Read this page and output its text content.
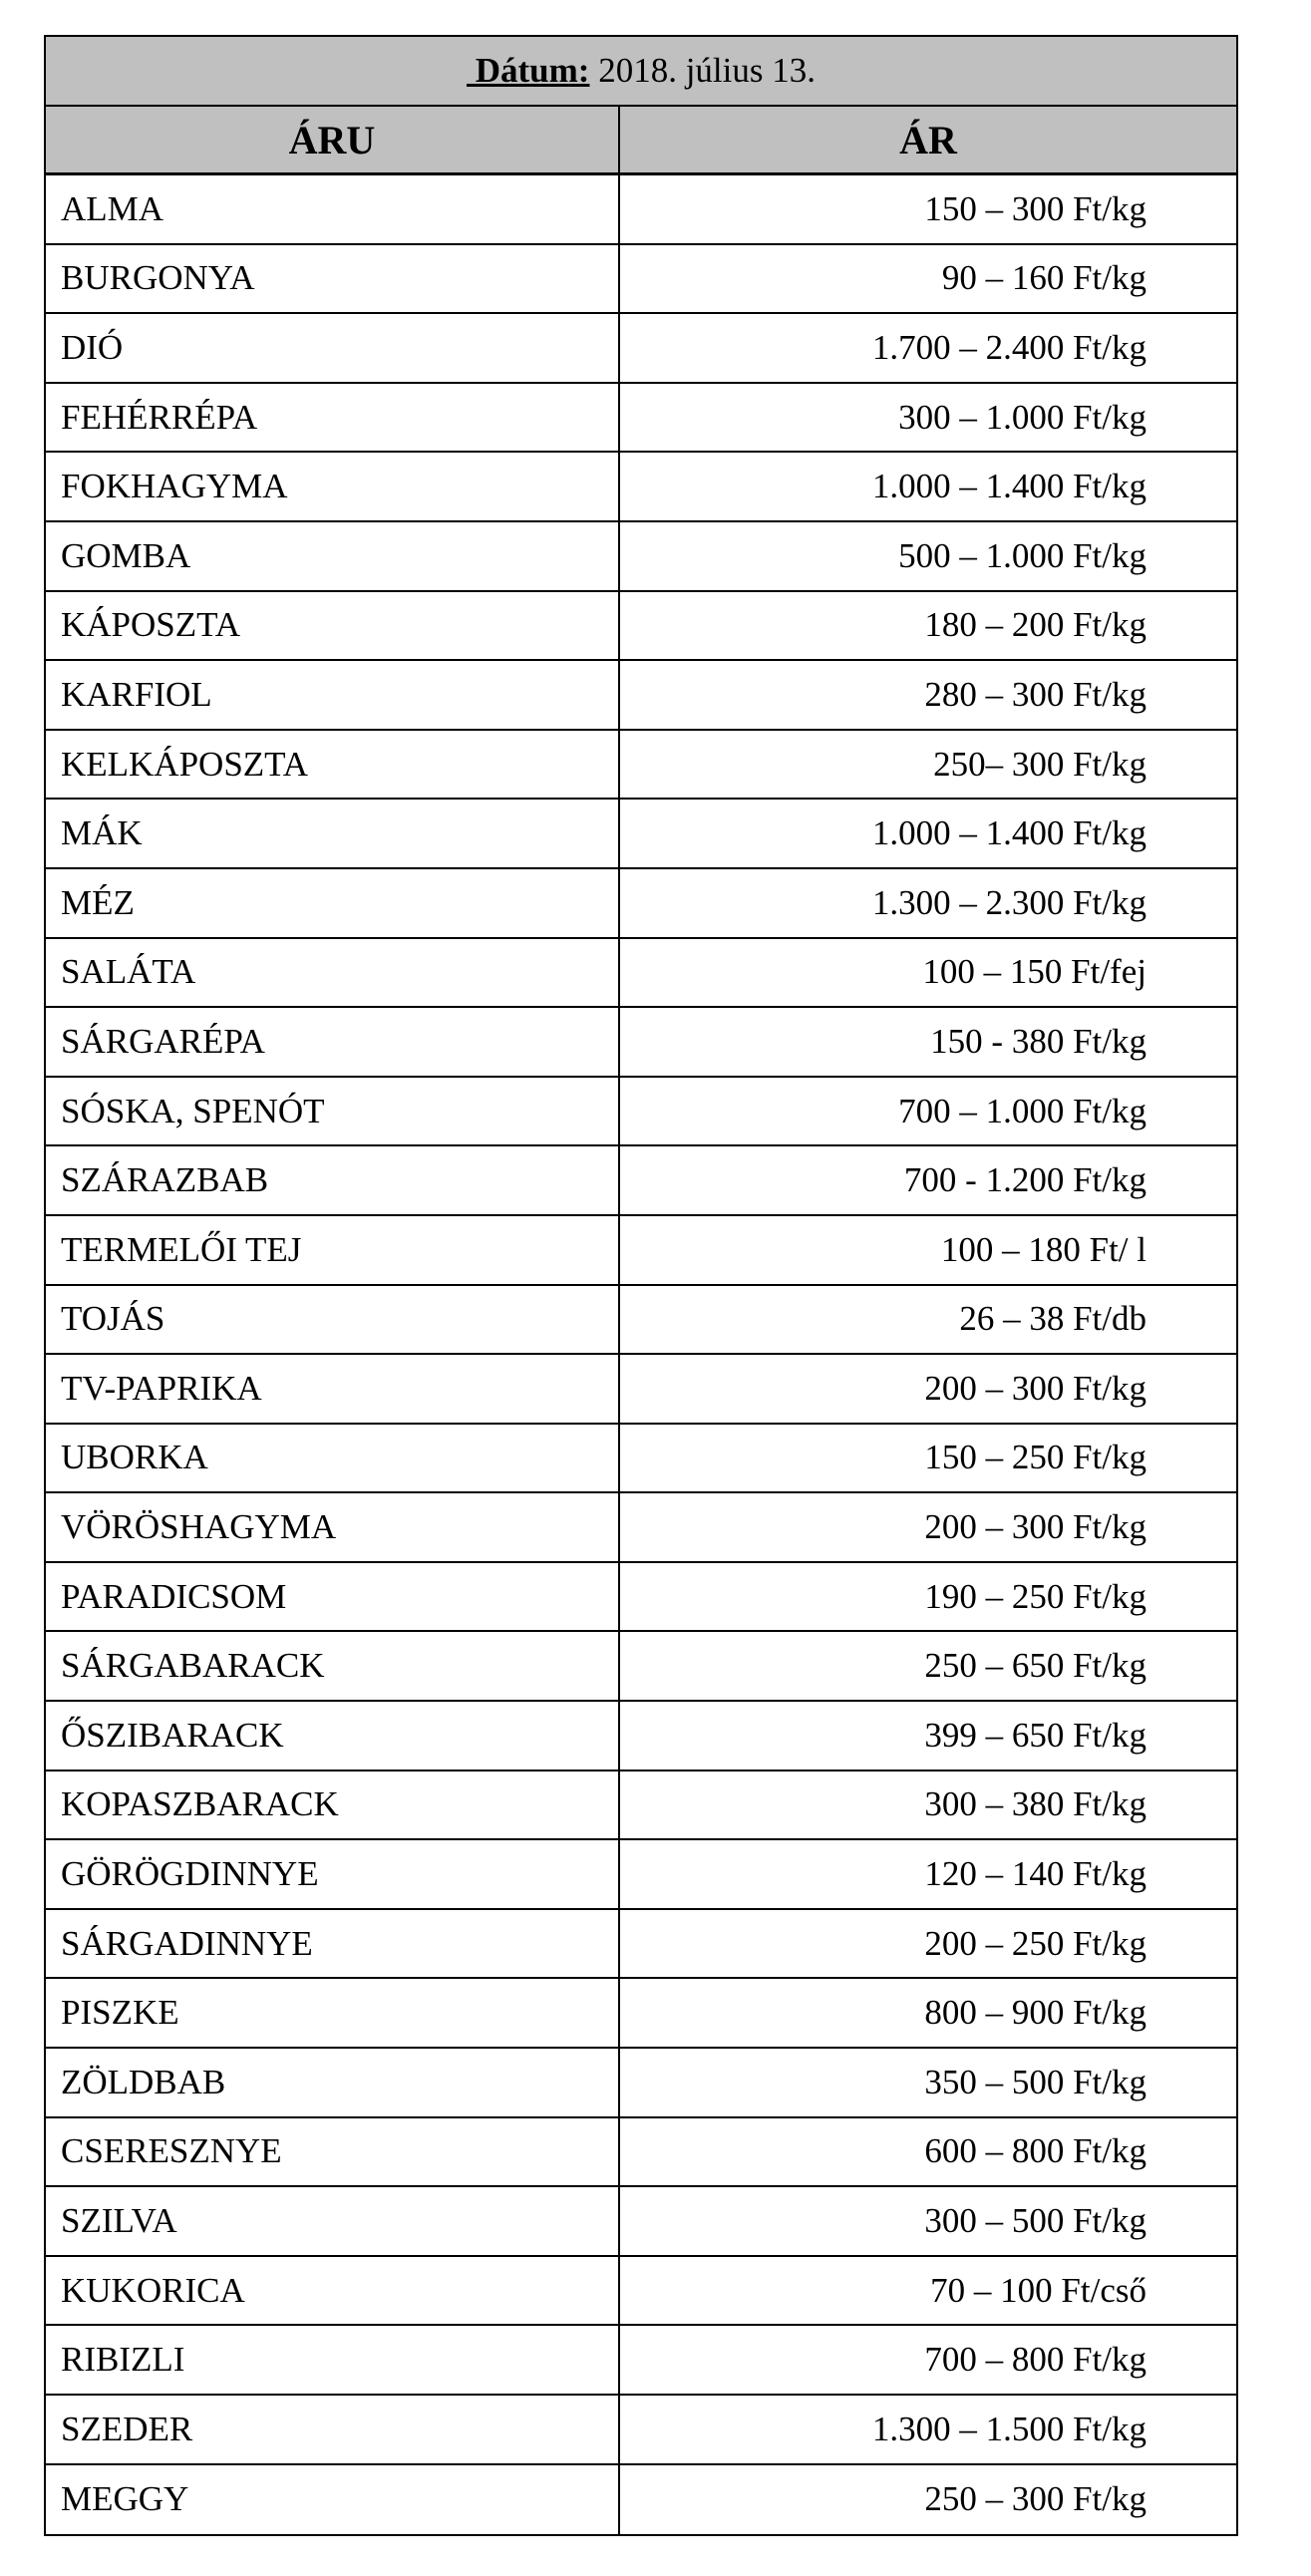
Dátum: 2018. július 13.
ÁRU	ÁR
ALMA	150 – 300 Ft/kg
BURGONYA	90 – 160 Ft/kg
DIÓ	1.700 – 2.400 Ft/kg
FEHÉRRÉPA	300 – 1.000 Ft/kg
FOKHAGYMA	1.000 – 1.400 Ft/kg
GOMBA	500 – 1.000 Ft/kg
KÁPOSZTA	180 – 200 Ft/kg
KARFIOL	280 – 300 Ft/kg
KELKÁPOSZTA	250– 300 Ft/kg
MÁK	1.000 – 1.400 Ft/kg
MÉZ	1.300 – 2.300 Ft/kg
SALÁTA	100 – 150 Ft/fej
SÁRGARÉPA	150 - 380 Ft/kg
SÓSKA, SPENÓT	700 – 1.000 Ft/kg
SZÁRAZBAB	700 - 1.200 Ft/kg
TERMELŐI TEJ	100 – 180 Ft/ l
TOJÁS	26 – 38 Ft/db
TV-PAPRIKA	200 – 300 Ft/kg
UBORKA	150 – 250 Ft/kg
VÖRÖSHAGYMA	200 – 300 Ft/kg
PARADICSOM	190 – 250 Ft/kg
SÁRGABARACK	250 – 650 Ft/kg
ŐSZIBARACK	399 – 650 Ft/kg
KOPASZBARACK	300 – 380 Ft/kg
GÖRÖGDINNYE	120 – 140 Ft/kg
SÁRGADINNYE	200 – 250 Ft/kg
PISZKE	800 – 900 Ft/kg
ZÖLDBAB	350 – 500 Ft/kg
CSERESZNYE	600 – 800 Ft/kg
SZILVA	300 – 500 Ft/kg
KUKORICA	70 – 100 Ft/cső
RIBIZLI	700 – 800 Ft/kg
SZEDER	1.300 – 1.500 Ft/kg
MEGGY	250 – 300 Ft/kg
